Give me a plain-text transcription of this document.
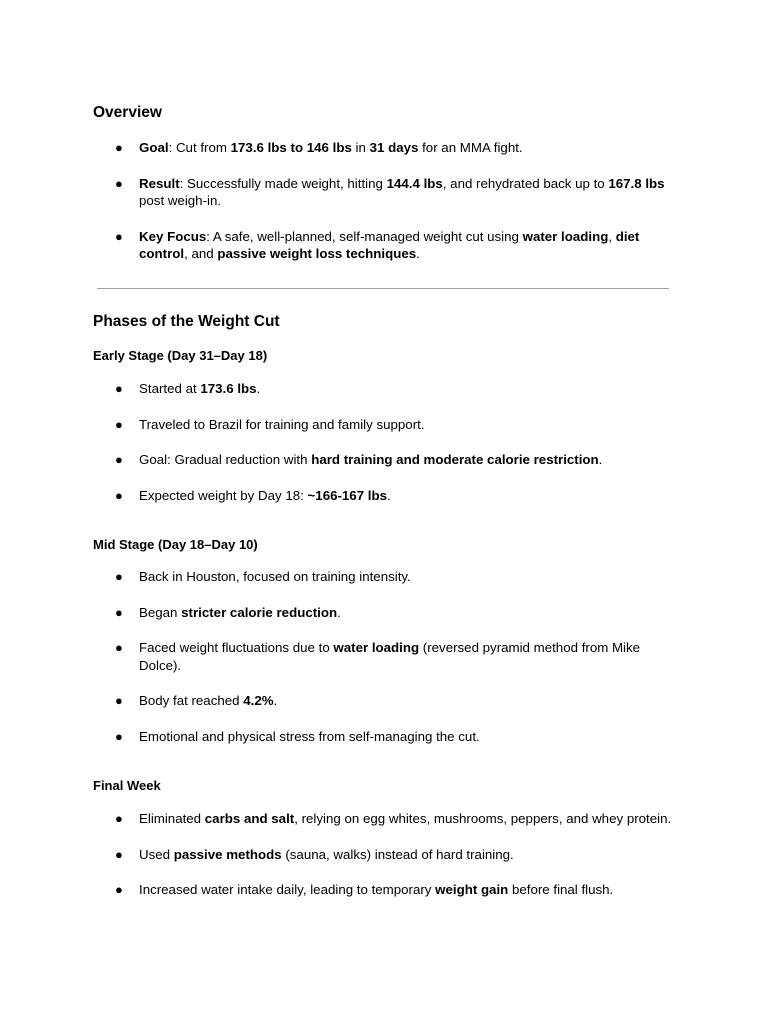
Overview
● Goal: Cut from 173.6 lbs to 146 lbs in 31 days for an MMA fight.
● Result: Successfully made weight, hitting 144.4 lbs, and rehydrated back up to 167.8 lbs post weigh-in.
● Key Focus: A safe, well-planned, self-managed weight cut using water loading, diet control, and passive weight loss techniques.
Phases of the Weight Cut
Early Stage (Day 31–Day 18)
● Started at 173.6 lbs.
● Traveled to Brazil for training and family support.
● Goal: Gradual reduction with hard training and moderate calorie restriction.
● Expected weight by Day 18: ~166-167 lbs.
Mid Stage (Day 18–Day 10)
● Back in Houston, focused on training intensity.
● Began stricter calorie reduction.
● Faced weight fluctuations due to water loading (reversed pyramid method from Mike Dolce).
● Body fat reached 4.2%.
● Emotional and physical stress from self-managing the cut.
Final Week
● Eliminated carbs and salt, relying on egg whites, mushrooms, peppers, and whey protein.
● Used passive methods (sauna, walks) instead of hard training.
● Increased water intake daily, leading to temporary weight gain before final flush.
